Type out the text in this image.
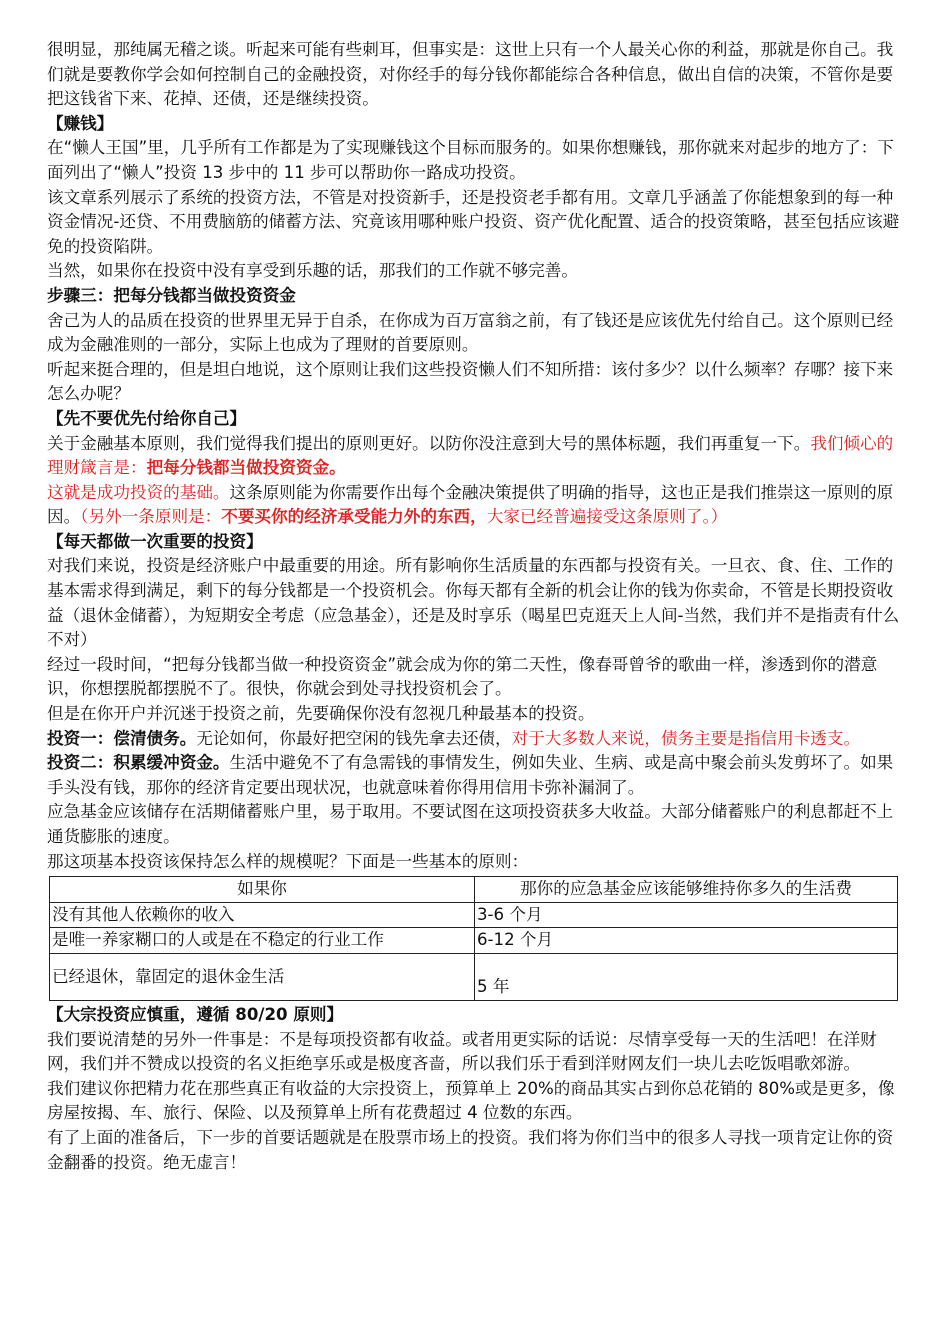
很明显，那纯属无稽之谈。听起来可能有些刺耳，但事实是：这世上只有一个人最关心你的利益，那就是你自己。我们就是要教你学会如何控制自己的金融投资，对你经手的每分钱你都能综合各种信息，做出自信的决策，不管你是要把这钱省下来、花掉、还债，还是继续投资。

【赚钱】

在“懒人王国”里，几乎所有工作都是为了实现赚钱这个目标而服务的。如果你想赚钱，那你就来对起步的地方了：下面列出了“懒人”投资 13 步中的 11 步可以帮助你一路成功投资。

该文章系列展示了系统的投资方法，不管是对投资新手，还是投资老手都有用。文章几乎涵盖了你能想象到的每一种资金情况-还贷、不用费脑筋的储蓄方法、究竟该用哪种账户投资、资产优化配置、适合的投资策略，甚至包括应该避免的投资陷阱。

当然，如果你在投资中没有享受到乐趣的话，那我们的工作就不够完善。

步骤三：把每分钱都当做投资资金

舍己为人的品质在投资的世界里无异于自杀，在你成为百万富翁之前，有了钱还是应该优先付给自己。这个原则已经成为金融准则的一部分，实际上也成为了理财的首要原则。

听起来挺合理的，但是坦白地说，这个原则让我们这些投资懒人们不知所措：该付多少？以什么频率？存哪？接下来怎么办呢？

【先不要优先付给你自己】

关于金融基本原则，我们觉得我们提出的原则更好。以防你没注意到大号的黑体标题，我们再重复一下。我们倾心的理财箴言是：把每分钱都当做投资资金。

这就是成功投资的基础。这条原则能为你需要作出每个金融决策提供了明确的指导，这也正是我们推崇这一原则的原因。（另外一条原则是：不要买你的经济承受能力外的东西，大家已经普遍接受这条原则了。）

【每天都做一次重要的投资】

对我们来说，投资是经济账户中最重要的用途。所有影响你生活质量的东西都与投资有关。一旦衣、食、住、工作的基本需求得到满足，剩下的每分钱都是一个投资机会。你每天都有全新的机会让你的钱为你卖命，不管是长期投资收益（退休金储蓄），为短期安全考虑（应急基金），还是及时享乐（喝星巴克逛天上人间-当然，我们并不是指责有什么不对）

经过一段时间，“把每分钱都当做一种投资资金”就会成为你的第二天性，像春哥曾爷的歌曲一样，渗透到你的潜意识，你想摆脱都摆脱不了。很快，你就会到处寻找投资机会了。

但是在你开户并沉迷于投资之前，先要确保你没有忽视几种最基本的投资。

投资一：偿清债务。无论如何，你最好把空闲的钱先拿去还债，对于大多数人来说，债务主要是指信用卡透支。

投资二：积累缓冲资金。生活中避免不了有急需钱的事情发生，例如失业、生病、或是高中聚会前头发剪坏了。如果手头没有钱，那你的经济肯定要出现状况，也就意味着你得用信用卡弥补漏洞了。

应急基金应该储存在活期储蓄账户里，易于取用。不要试图在这项投资获多大收益。大部分储蓄账户的利息都赶不上通货膨胀的速度。

那这项基本投资该保持怎么样的规模呢？下面是一些基本的原则：

如果你	那你的应急基金应该能够维持你多久的生活费
没有其他人依赖你的收入	3-6 个月
是唯一养家糊口的人或是在不稳定的行业工作	6-12 个月
已经退休，靠固定的退休金生活	5 年

【大宗投资应慎重，遵循 80/20 原则】

我们要说清楚的另外一件事是：不是每项投资都有收益。或者用更实际的话说：尽情享受每一天的生活吧！在洋财网，我们并不赞成以投资的名义拒绝享乐或是极度吝啬，所以我们乐于看到洋财网友们一块儿去吃饭唱歌郊游。

我们建议你把精力花在那些真正有收益的大宗投资上，预算单上 20%的商品其实占到你总花销的 80%或是更多，像房屋按揭、车、旅行、保险、以及预算单上所有花费超过 4 位数的东西。

有了上面的准备后，下一步的首要话题就是在股票市场上的投资。我们将为你们当中的很多人寻找一项肯定让你的资金翻番的投资。绝无虚言！
